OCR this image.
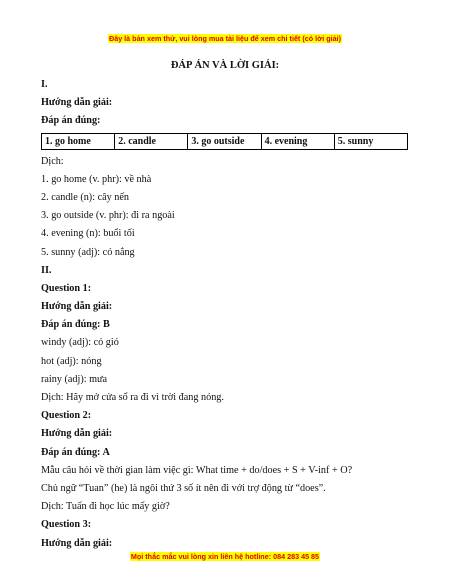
Đây là bản xem thử, vui lòng mua tài liệu để xem chi tiết (có lời giải)
ĐÁP ÁN VÀ LỜI GIẢI:
I.
Hướng dẫn giải:
Đáp án đúng:
1. go home	2. candle	3. go outside	4. evening	5. sunny
Dịch:
1. go home (v. phr): về nhà
2. candle (n): cây nến
3. go outside (v. phr): đi ra ngoài
4. evening (n): buổi tối
5. sunny (adj): có nắng
II.
Question 1:
Hướng dẫn giải:
Đáp án đúng: B
windy (adj): có gió
hot (adj): nóng
rainy (adj): mưa
Dịch: Hãy mở cửa sổ ra đi vì trời đang nóng.
Question 2:
Hướng dẫn giải:
Đáp án đúng: A
Mẫu câu hỏi về thời gian làm việc gì: What time + do/does + S + V-inf + O?
Chủ ngữ “Tuan” (he) là ngôi thứ 3 số ít nên đi với trợ động từ “does”.
Dịch: Tuấn đi học lúc mấy giờ?
Question 3:
Hướng dẫn giải:
Mọi thắc mắc vui lòng xin liên hệ hotline: 084 283 45 85
